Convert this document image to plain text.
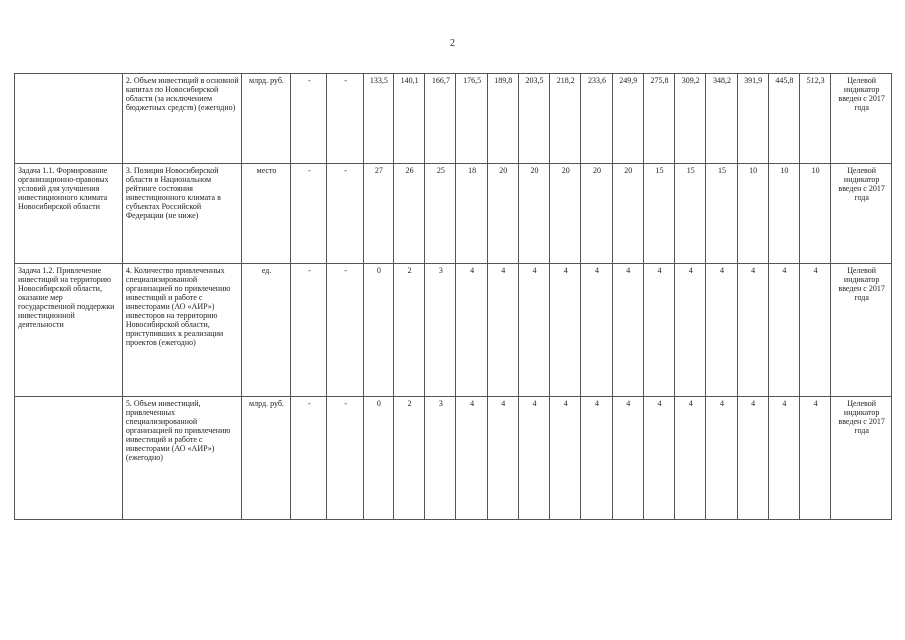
2
	2. Объем инвестиций в основной капитал по Новосибирской области (за исключением бюджетных средств) (ежегодно)	млрд. руб.	-	-	133,5	140,1	166,7	176,5	189,8	203,5	218,2	233,6	249,9	275,8	309,2	348,2	391,9	445,8	512,3	Целевой индикатор введен с 2017 года
Задача 1.1. Формирование организационно-правовых условий для улучшения инвестиционного климата Новосибирской области	3. Позиция Новосибирской области в Национальном рейтинге состояния инвестиционного климата в субъектах Российской Федерации (не ниже)	место	-	-	27	26	25	18	20	20	20	20	20	15	15	15	10	10	10	Целевой индикатор введен с 2017 года
Задача 1.2. Привлечение инвестиций на территорию Новосибирской области, оказание мер государственной поддержки инвестиционной деятельности	4. Количество привлеченных специализированной организацией по привлечению инвестиций и работе с инвесторами (АО «АИР») инвесторов на территорию Новосибирской области, приступивших к реализации проектов (ежегодно)	ед.	-	-	0	2	3	4	4	4	4	4	4	4	4	4	4	4	4	Целевой индикатор введен с 2017 года
	5. Объем инвестиций, привлеченных специализированной организацией по привлечению инвестиций и работе с инвесторами (АО «АИР») (ежегодно)	млрд. руб.	-	-	0	2	3	4	4	4	4	4	4	4	4	4	4	4	4	Целевой индикатор введен с 2017 года
